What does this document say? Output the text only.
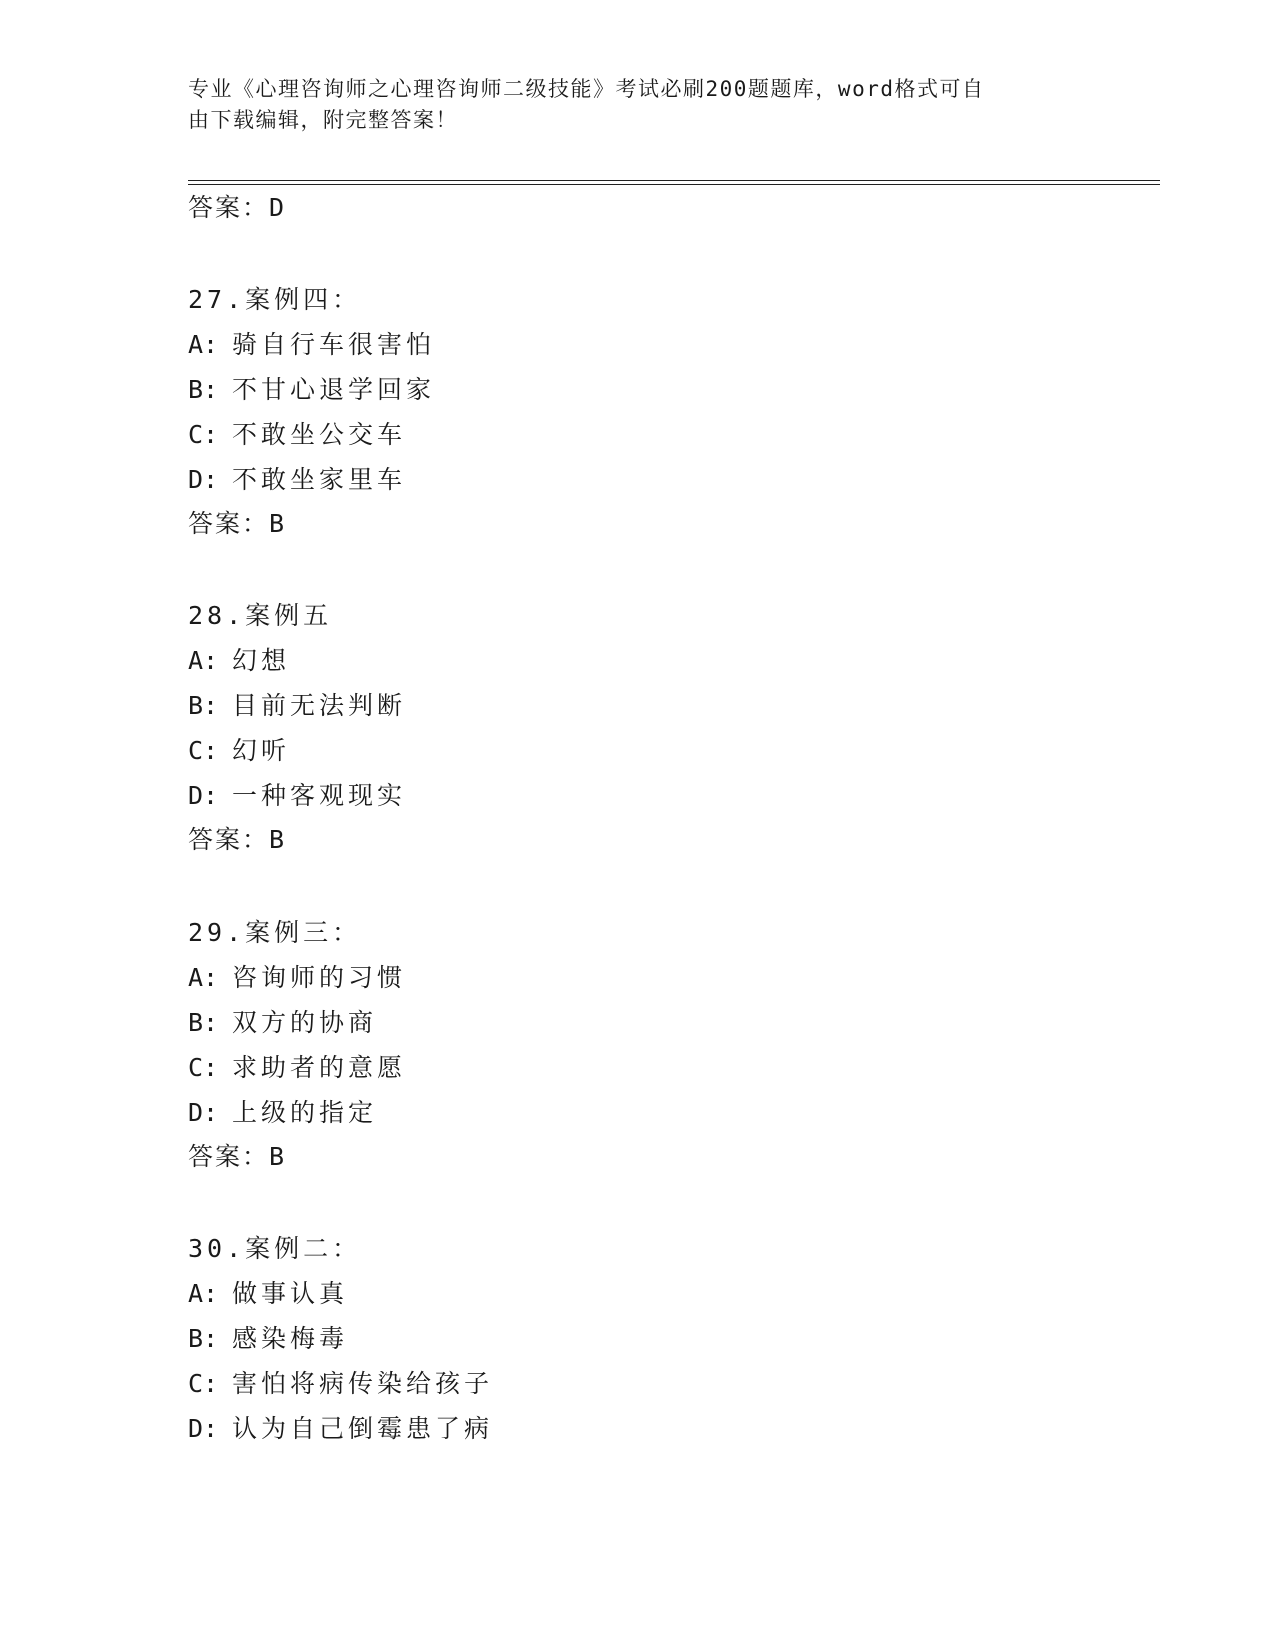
专业《心理咨询师之心理咨询师二级技能》考试必刷200题题库，word格式可自
由下载编辑，附完整答案！
答案：D
27.案例四：
A: 骑自行车很害怕
B: 不甘心退学回家
C: 不敢坐公交车
D: 不敢坐家里车
答案：B
28.案例五
A: 幻想
B: 目前无法判断
C: 幻听
D: 一种客观现实
答案：B
29.案例三：
A: 咨询师的习惯
B: 双方的协商
C: 求助者的意愿
D: 上级的指定
答案：B
30.案例二：
A: 做事认真
B: 感染梅毒
C: 害怕将病传染给孩子
D: 认为自己倒霉患了病
